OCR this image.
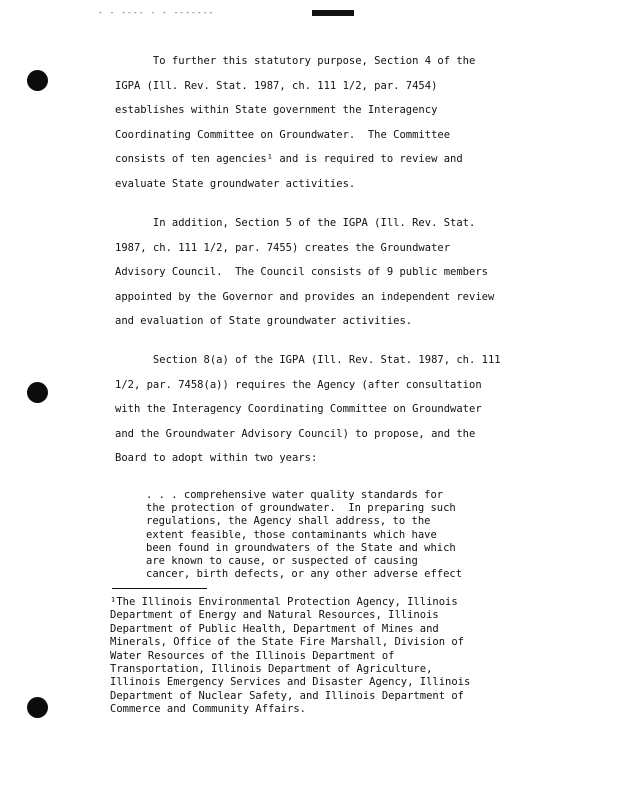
- - ---- - - -------
To further this statutory purpose, Section 4 of the
IGPA (Ill. Rev. Stat. 1987, ch. 111 1/2, par. 7454)
establishes within State government the Interagency
Coordinating Committee on Groundwater.  The Committee
consists of ten agencies¹ and is required to review and
evaluate State groundwater activities.
In addition, Section 5 of the IGPA (Ill. Rev. Stat.
1987, ch. 111 1/2, par. 7455) creates the Groundwater
Advisory Council.  The Council consists of 9 public members
appointed by the Governor and provides an independent review
and evaluation of State groundwater activities.
Section 8(a) of the IGPA (Ill. Rev. Stat. 1987, ch. 111
1/2, par. 7458(a)) requires the Agency (after consultation
with the Interagency Coordinating Committee on Groundwater
and the Groundwater Advisory Council) to propose, and the
Board to adopt within two years:
. . . comprehensive water quality standards for
the protection of groundwater.  In preparing such
regulations, the Agency shall address, to the
extent feasible, those contaminants which have
been found in groundwaters of the State and which
are known to cause, or suspected of causing
cancer, birth defects, or any other adverse effect
¹The Illinois Environmental Protection Agency, Illinois
Department of Energy and Natural Resources, Illinois
Department of Public Health, Department of Mines and
Minerals, Office of the State Fire Marshall, Division of
Water Resources of the Illinois Department of
Transportation, Illinois Department of Agriculture,
Illinois Emergency Services and Disaster Agency, Illinois
Department of Nuclear Safety, and Illinois Department of
Commerce and Community Affairs.
